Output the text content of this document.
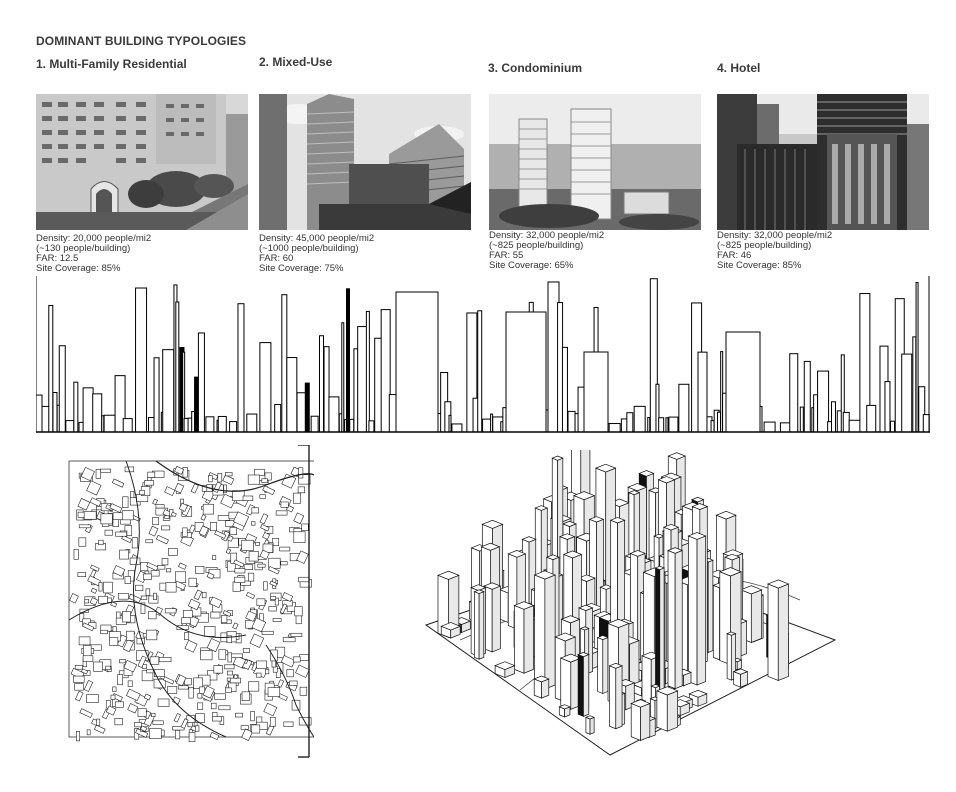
DOMINANT BUILDING TYPOLOGIES
1. Multi-Family Residential
Density: 20,000 people/mi2
(~130 people/building)
FAR: 12.5
Site Coverage: 85%
2. Mixed-Use
Density: 45,000 people/mi2
(~1000 people/building)
FAR: 60
Site Coverage: 75%
3. Condominium
Density: 32,000 people/mi2
(~825 people/building)
FAR: 55
Site Coverage: 65%
4. Hotel
Density: 32,000 people/mi2
(~825 people/building)
FAR: 46
Site Coverage: 85%
